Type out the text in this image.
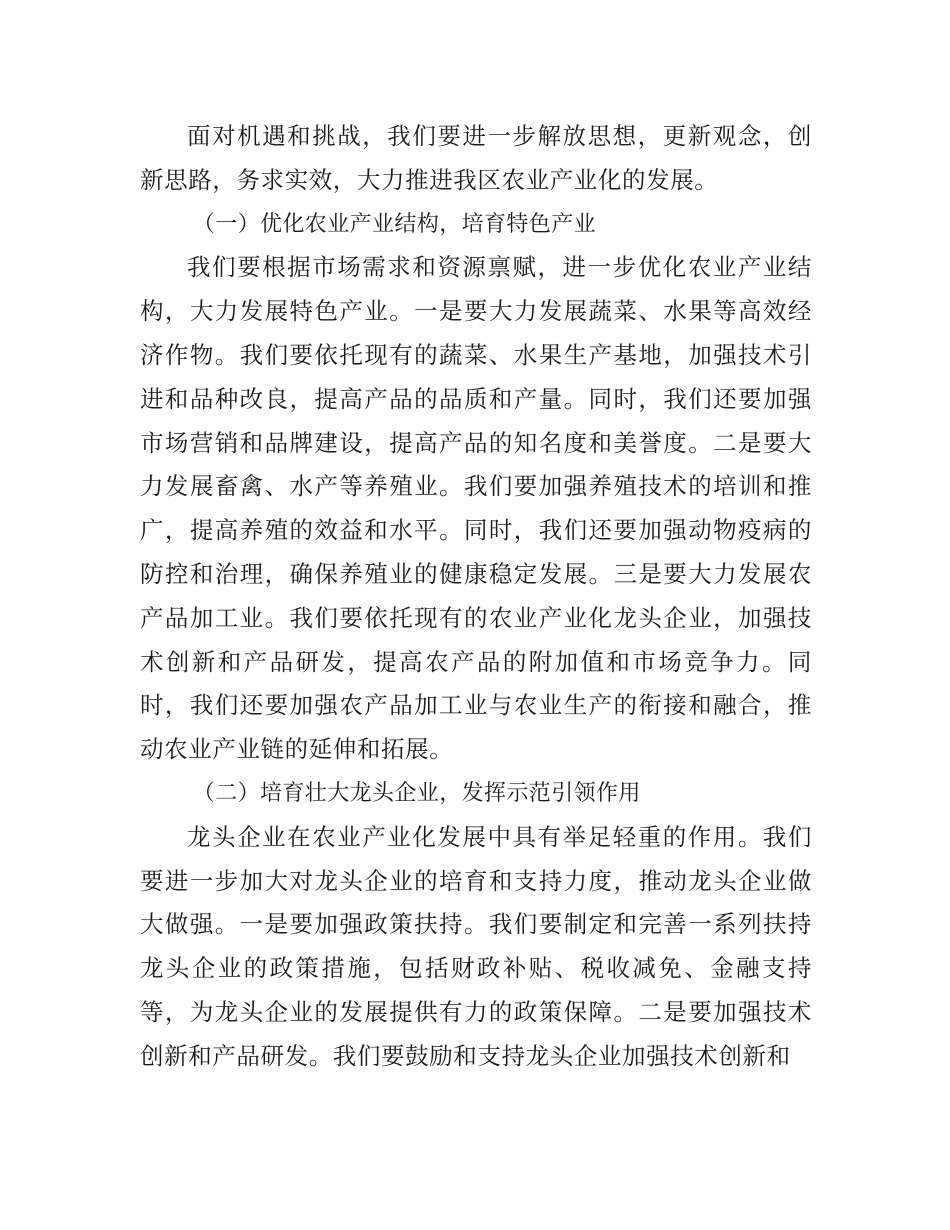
面对机遇和挑战，我们要进一步解放思想，更新观念，创新思路，务求实效，大力推进我区农业产业化的发展。

（一）优化农业产业结构，培育特色产业

我们要根据市场需求和资源禀赋，进一步优化农业产业结构，大力发展特色产业。一是要大力发展蔬菜、水果等高效经济作物。我们要依托现有的蔬菜、水果生产基地，加强技术引进和品种改良，提高产品的品质和产量。同时，我们还要加强市场营销和品牌建设，提高产品的知名度和美誉度。二是要大力发展畜禽、水产等养殖业。我们要加强养殖技术的培训和推广，提高养殖的效益和水平。同时，我们还要加强动物疫病的防控和治理，确保养殖业的健康稳定发展。三是要大力发展农产品加工业。我们要依托现有的农业产业化龙头企业，加强技术创新和产品研发，提高农产品的附加值和市场竞争力。同时，我们还要加强农产品加工业与农业生产的衔接和融合，推动农业产业链的延伸和拓展。

（二）培育壮大龙头企业，发挥示范引领作用

龙头企业在农业产业化发展中具有举足轻重的作用。我们要进一步加大对龙头企业的培育和支持力度，推动龙头企业做大做强。一是要加强政策扶持。我们要制定和完善一系列扶持龙头企业的政策措施，包括财政补贴、税收减免、金融支持等，为龙头企业的发展提供有力的政策保障。二是要加强技术创新和产品研发。我们要鼓励和支持龙头企业加强技术创新和
